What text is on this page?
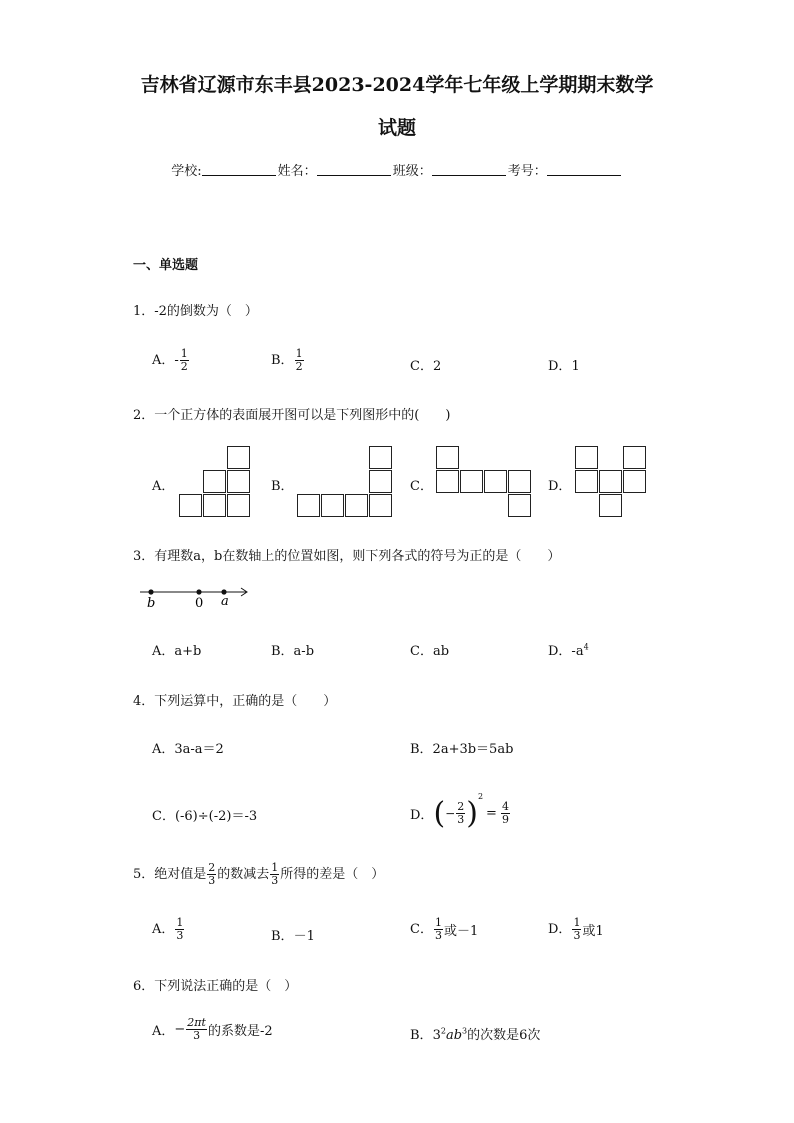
吉林省辽源市东丰县2023-2024学年七年级上学期期末数学
试题
学校:	姓名：	班级：	考号：
一、单选题
1．-2的倒数为（　）
A．- $\frac{1}{2}$	B． $\frac{1}{2}$	C．2	D．1
2．一个正方体的表面展开图可以是下列图形中的(　　)
A．	B．	C．	D．
3．有理数a，b在数轴上的位置如图，则下列各式的符号为正的是（　　）
b	0 a
A．a+b	B．a-b	C．ab	D．$-a^4$
4．下列运算中，正确的是（　　）
A．3a-a＝2	B．2a+3b＝5ab
C．(-6)÷(-2)＝-3	D．(− $\frac{2}{3} )^2= \frac{4}{9}$
5．绝对值是 $\frac{2}{3}$ 的数减去 $\frac{1}{3}$ 所得的差是（　）
A． $\frac{1}{3}$	B．－1	C． $\frac{1}{3}$ 或－1	D． $\frac{1}{3}$ 或1
6．下列说法正确的是（　）
A．− $\frac{2\pi t}{3}$ 的系数是-2	B．$3^2ab^3$的次数是6次
